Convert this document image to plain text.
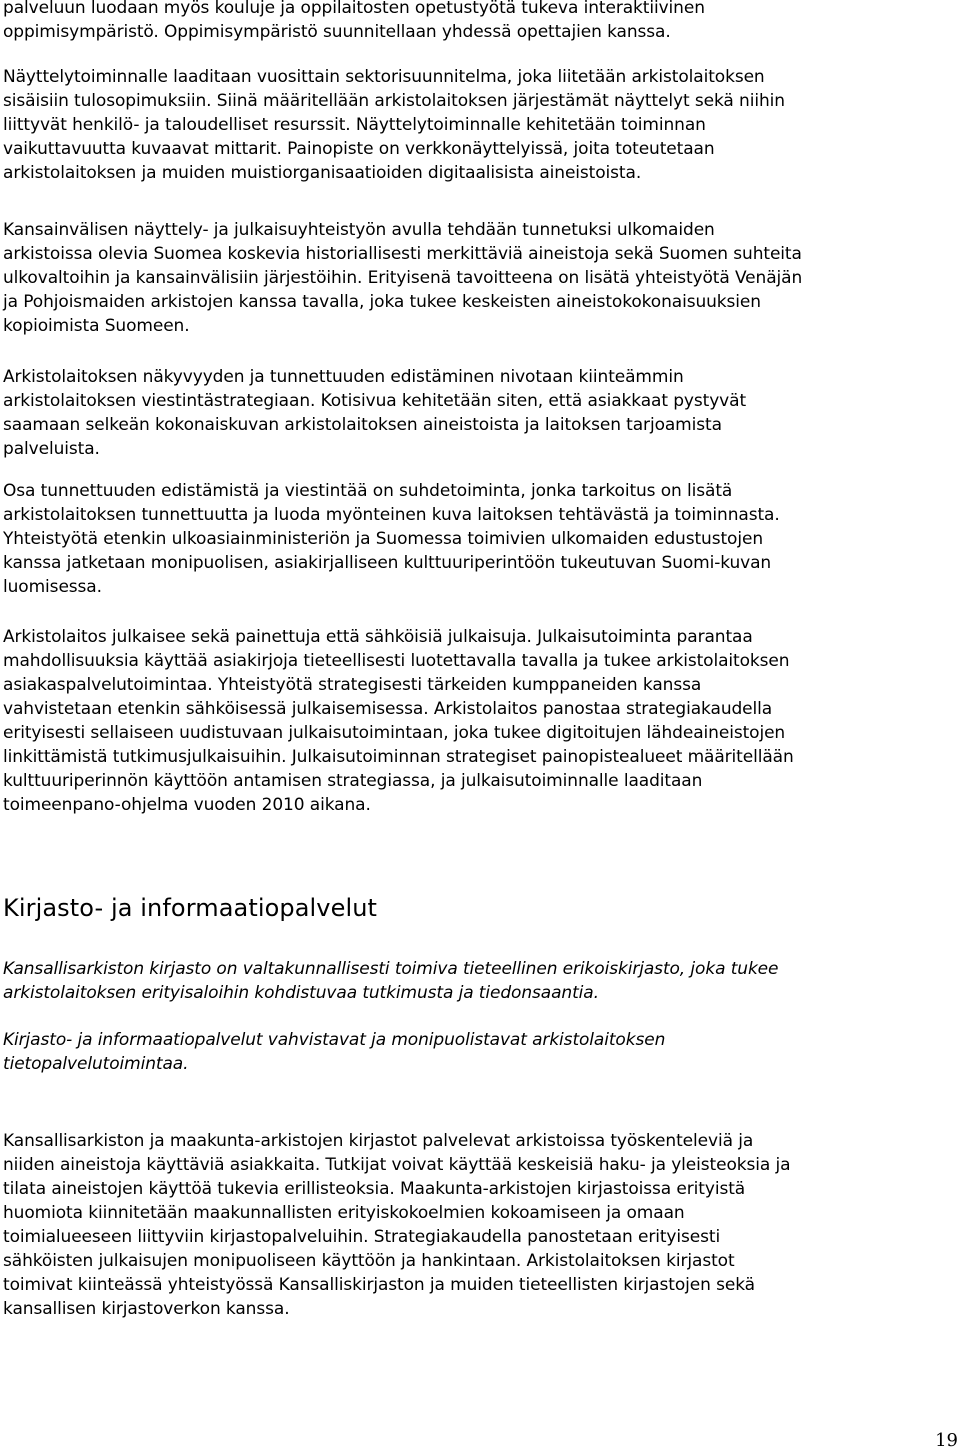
palveluun luodaan myös kouluje ja oppilaitosten opetustyötä tukeva interaktiivinen
oppimisympäristö. Oppimisympäristö suunnitellaan yhdessä opettajien kanssa.

Näyttelytoiminnalle laaditaan vuosittain sektorisuunnitelma, joka liitetään arkistolaitoksen
sisäisiin tulosopimuksiin. Siinä määritellään arkistolaitoksen järjestämät näyttelyt sekä niihin
liittyvät henkilö- ja taloudelliset resurssit. Näyttelytoiminnalle kehitetään toiminnan
vaikuttavuutta kuvaavat mittarit. Painopiste on verkkonäyttelyissä, joita toteutetaan
arkistolaitoksen ja muiden muistiorganisaatioiden digitaalisista aineistoista.

Kansainvälisen näyttely- ja julkaisuyhteistyön avulla tehdään tunnetuksi ulkomaiden
arkistoissa olevia Suomea koskevia historiallisesti merkittäviä aineistoja sekä Suomen suhteita
ulkovaltoihin ja kansainvälisiin järjestöihin. Erityisenä tavoitteena on lisätä yhteistyötä Venäjän
ja Pohjoismaiden arkistojen kanssa tavalla, joka tukee keskeisten aineistokokonaisuuksien
kopioimista Suomeen.

Arkistolaitoksen näkyvyyden ja tunnettuuden edistäminen nivotaan kiinteämmin
arkistolaitoksen viestintästrategiaan. Kotisivua kehitetään siten, että asiakkaat pystyvät
saamaan selkeän kokonaiskuvan arkistolaitoksen aineistoista ja laitoksen tarjoamista
palveluista.

Osa tunnettuuden edistämistä ja viestintää on suhdetoiminta, jonka tarkoitus on lisätä
arkistolaitoksen tunnettuutta ja luoda myönteinen kuva laitoksen tehtävästä ja toiminnasta.
Yhteistyötä etenkin ulkoasiainministeriön ja Suomessa toimivien ulkomaiden edustustojen
kanssa jatketaan monipuolisen, asiakirjalliseen kulttuuriperintöön tukeutuvan Suomi-kuvan
luomisessa.

Arkistolaitos julkaisee sekä painettuja että sähköisiä julkaisuja. Julkaisutoiminta parantaa
mahdollisuuksia käyttää asiakirjoja tieteellisesti luotettavalla tavalla ja tukee arkistolaitoksen
asiakaspalvelutoimintaa. Yhteistyötä strategisesti tärkeiden kumppaneiden kanssa
vahvistetaan etenkin sähköisessä julkaisemisessa. Arkistolaitos panostaa strategiakaudella
erityisesti sellaiseen uudistuvaan julkaisutoimintaan, joka tukee digitoitujen lähdeaineistojen
linkittämistä tutkimusjulkaisuihin. Julkaisutoiminnan strategiset painopistealueet määritellään
kulttuuriperinnön käyttöön antamisen strategiassa, ja julkaisutoiminnalle laaditaan
toimeenpano-ohjelma vuoden 2010 aikana.

Kirjasto- ja informaatiopalvelut

Kansallisarkiston kirjasto on valtakunnallisesti toimiva tieteellinen erikoiskirjasto, joka tukee
arkistolaitoksen erityisaloihin kohdistuvaa tutkimusta ja tiedonsaantia.

Kirjasto- ja informaatiopalvelut vahvistavat ja monipuolistavat arkistolaitoksen
tietopalvelutoimintaa.

Kansallisarkiston ja maakunta-arkistojen kirjastot palvelevat arkistoissa työskenteleviä ja
niiden aineistoja käyttäviä asiakkaita. Tutkijat voivat käyttää keskeisiä haku- ja yleisteoksia ja
tilata aineistojen käyttöä tukevia erillisteoksia. Maakunta-arkistojen kirjastoissa erityistä
huomiota kiinnitetään maakunnallisten erityiskokoelmien kokoamiseen ja omaan
toimialueeseen liittyviin kirjastopalveluihin. Strategiakaudella panostetaan erityisesti
sähköisten julkaisujen monipuoliseen käyttöön ja hankintaan. Arkistolaitoksen kirjastot
toimivat kiinteässä yhteistyössä Kansalliskirjaston ja muiden tieteellisten kirjastojen sekä
kansallisen kirjastoverkon kanssa.

19
